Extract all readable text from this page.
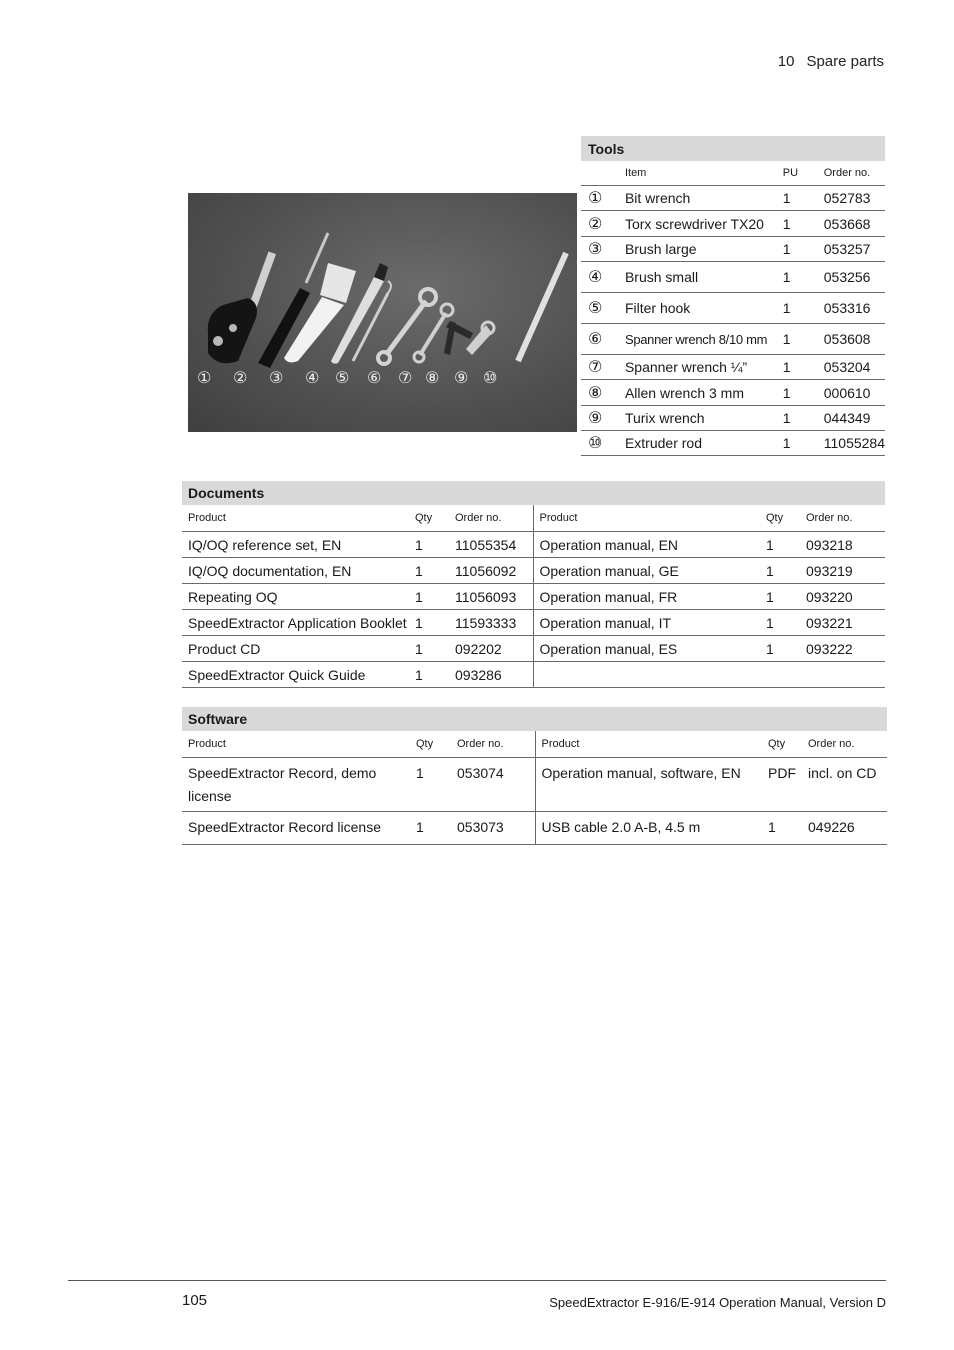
10 Spare parts
① ② ③ ④ ⑤ ⑥ ⑦ ⑧ ⑨ ⑩
Tools			
	Item	PU	Order no.
①	Bit wrench	1	052783
②	Torx screwdriver TX20	1	053668
③	Brush large	1	053257
④	Brush small	1	053256
⑤	Filter hook	1	053316
⑥	Spanner wrench 8/10 mm	1	053608
⑦	Spanner wrench ¼”	1	053204
⑧	Allen wrench 3 mm	1	000610
⑨	Turix wrench	1	044349
⑩	Extruder rod	1	11055284
Documents					
Product	Qty	Order no.	Product	Qty	Order no.
IQ/OQ reference set, EN	1	11055354	Operation manual, EN	1	093218
IQ/OQ documentation, EN	1	11056092	Operation manual, GE	1	093219
Repeating OQ	1	11056093	Operation manual, FR	1	093220
SpeedExtractor Application Booklet	1	11593333	Operation manual, IT	1	093221
Product CD	1	092202	Operation manual, ES	1	093222
SpeedExtractor Quick Guide	1	093286			
Software					
Product	Qty	Order no.	Product	Qty	Order no.
SpeedExtractor Record, demo license	1	053074	Operation manual, software, EN	PDF	incl. on CD
SpeedExtractor Record license	1	053073	USB cable 2.0 A-B, 4.5 m	1	049226
105	SpeedExtractor E-916/E-914 Operation Manual, Version D
